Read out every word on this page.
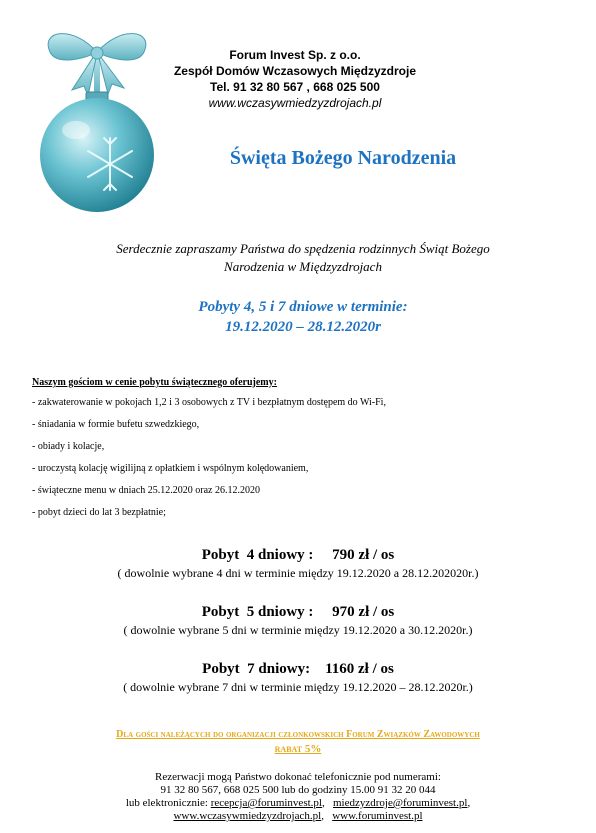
Forum Invest Sp. z o.o.
Zespół Domów Wczasowych Międzyzdroje
Tel. 91 32 80 567 , 668 025 500
www.wczasywmiedzyzdrojach.pl
Święta Bożego Narodzenia
Serdecznie zapraszamy Państwa do spędzenia rodzinnych Świąt Bożego
Narodzenia w Międzyzdrojach
Pobyty 4, 5 i 7 dniowe w terminie:
19.12.2020 – 28.12.2020r
Naszym gościom w cenie pobytu świątecznego oferujemy:
- zakwaterowanie w pokojach 1,2 i 3 osobowych z TV i bezpłatnym dostępem do Wi-Fi,
- śniadania w formie bufetu szwedzkiego,
- obiady i kolacje,
- uroczystą kolację wigilijną z opłatkiem i wspólnym kolędowaniem,
- świąteczne menu w dniach 25.12.2020 oraz 26.12.2020
- pobyt dzieci do lat 3 bezpłatnie;
Pobyt  4 dniowy :     790 zł / os
( dowolnie wybrane 4 dni w terminie między 19.12.2020 a 28.12.202020r.)
Pobyt  5 dniowy :     970 zł / os
( dowolnie wybrane 5 dni w terminie między 19.12.2020 a 30.12.2020r.)
Pobyt  7 dniowy:    1160 zł / os
( dowolnie wybrane 7 dni w terminie między 19.12.2020 – 28.12.2020r.)
Dla gości należących do organizacji członkowskich Forum Związków Zawodowych
rabat 5%
Rezerwacji mogą Państwo dokonać telefonicznie pod numerami:
91 32 80 567, 668 025 500 lub do godziny 15.00 91 32 20 044
lub elektronicznie: recepcja@foruminvest.pl,   miedzyzdroje@foruminvest.pl,
www.wczasywmiedzyzdrojach.pl,   www.foruminvest.pl
